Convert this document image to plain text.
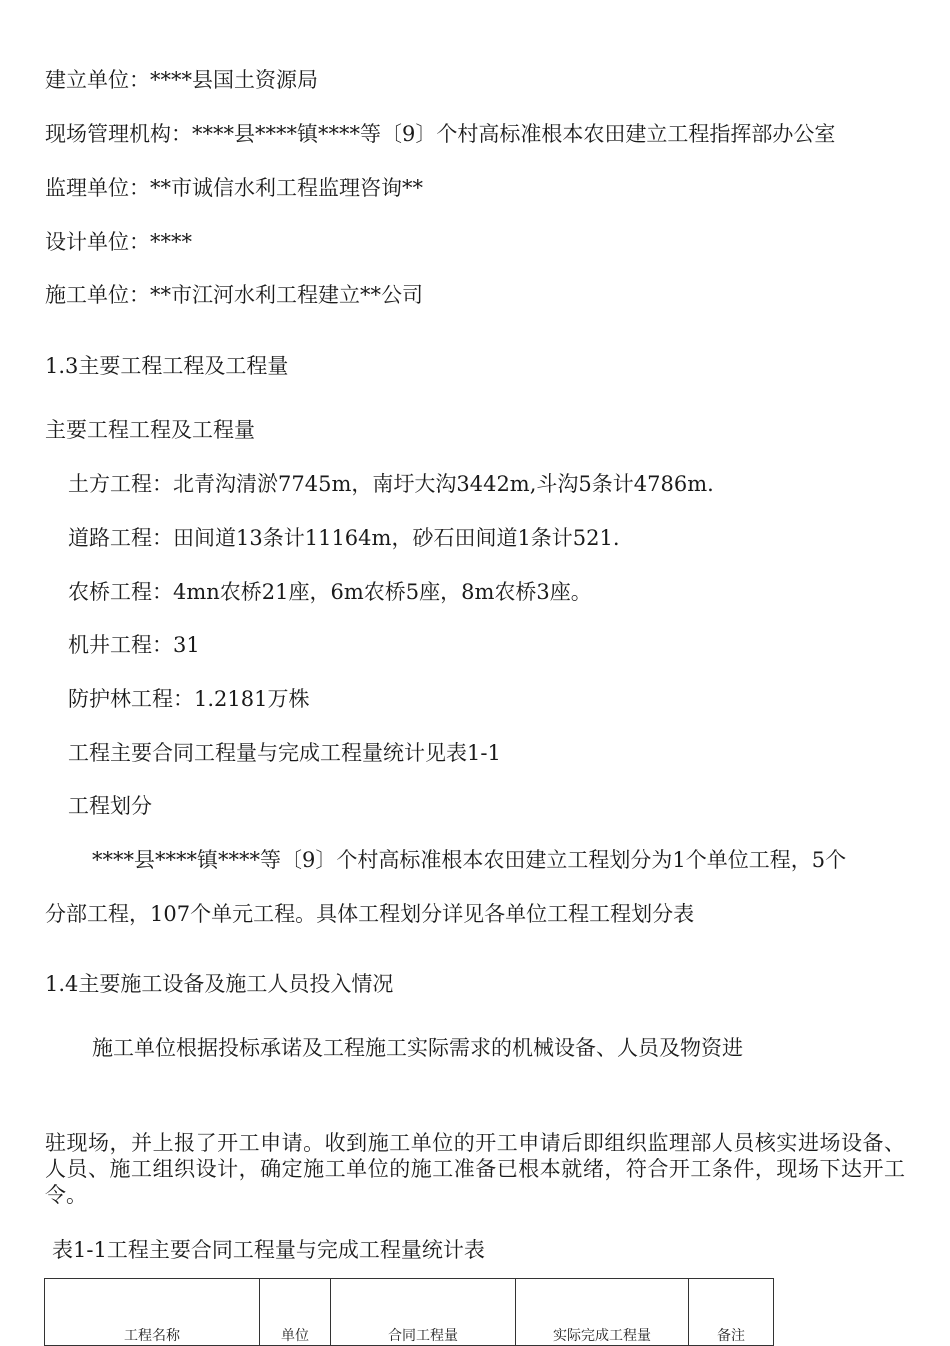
建立单位：****县国土资源局
现场管理机构：****县****镇****等〔9〕个村高标准根本农田建立工程指挥部办公室
监理单位：**市诚信水利工程监理咨询**
设计单位：****
施工单位：**市江河水利工程建立**公司
1.3主要工程工程及工程量
主要工程工程及工程量
土方工程：北青沟清淤7745m，南圩大沟3442m,斗沟5条计4786m.
道路工程：田间道13条计11164m，砂石田间道1条计521.
农桥工程：4mn农桥21座，6m农桥5座，8m农桥3座。
机井工程：31
防护林工程：1.2181万株
工程主要合同工程量与完成工程量统计见表1-1
工程划分
****县****镇****等〔9〕个村高标准根本农田建立工程划分为1个单位工程，5个
分部工程，107个单元工程。具体工程划分详见各单位工程工程划分表
1.4主要施工设备及施工人员投入情况
施工单位根据投标承诺及工程施工实际需求的机械设备、人员及物资进
驻现场，并上报了开工申请。收到施工单位的开工申请后即组织监理部人员核实进场设备、人员、施工组织设计，确定施工单位的施工准备已根本就绪，符合开工条件，现场下达开工令。
表1-1工程主要合同工程量与完成工程量统计表
工程名称	单位	合同工程量	实际完成工程量	备注
